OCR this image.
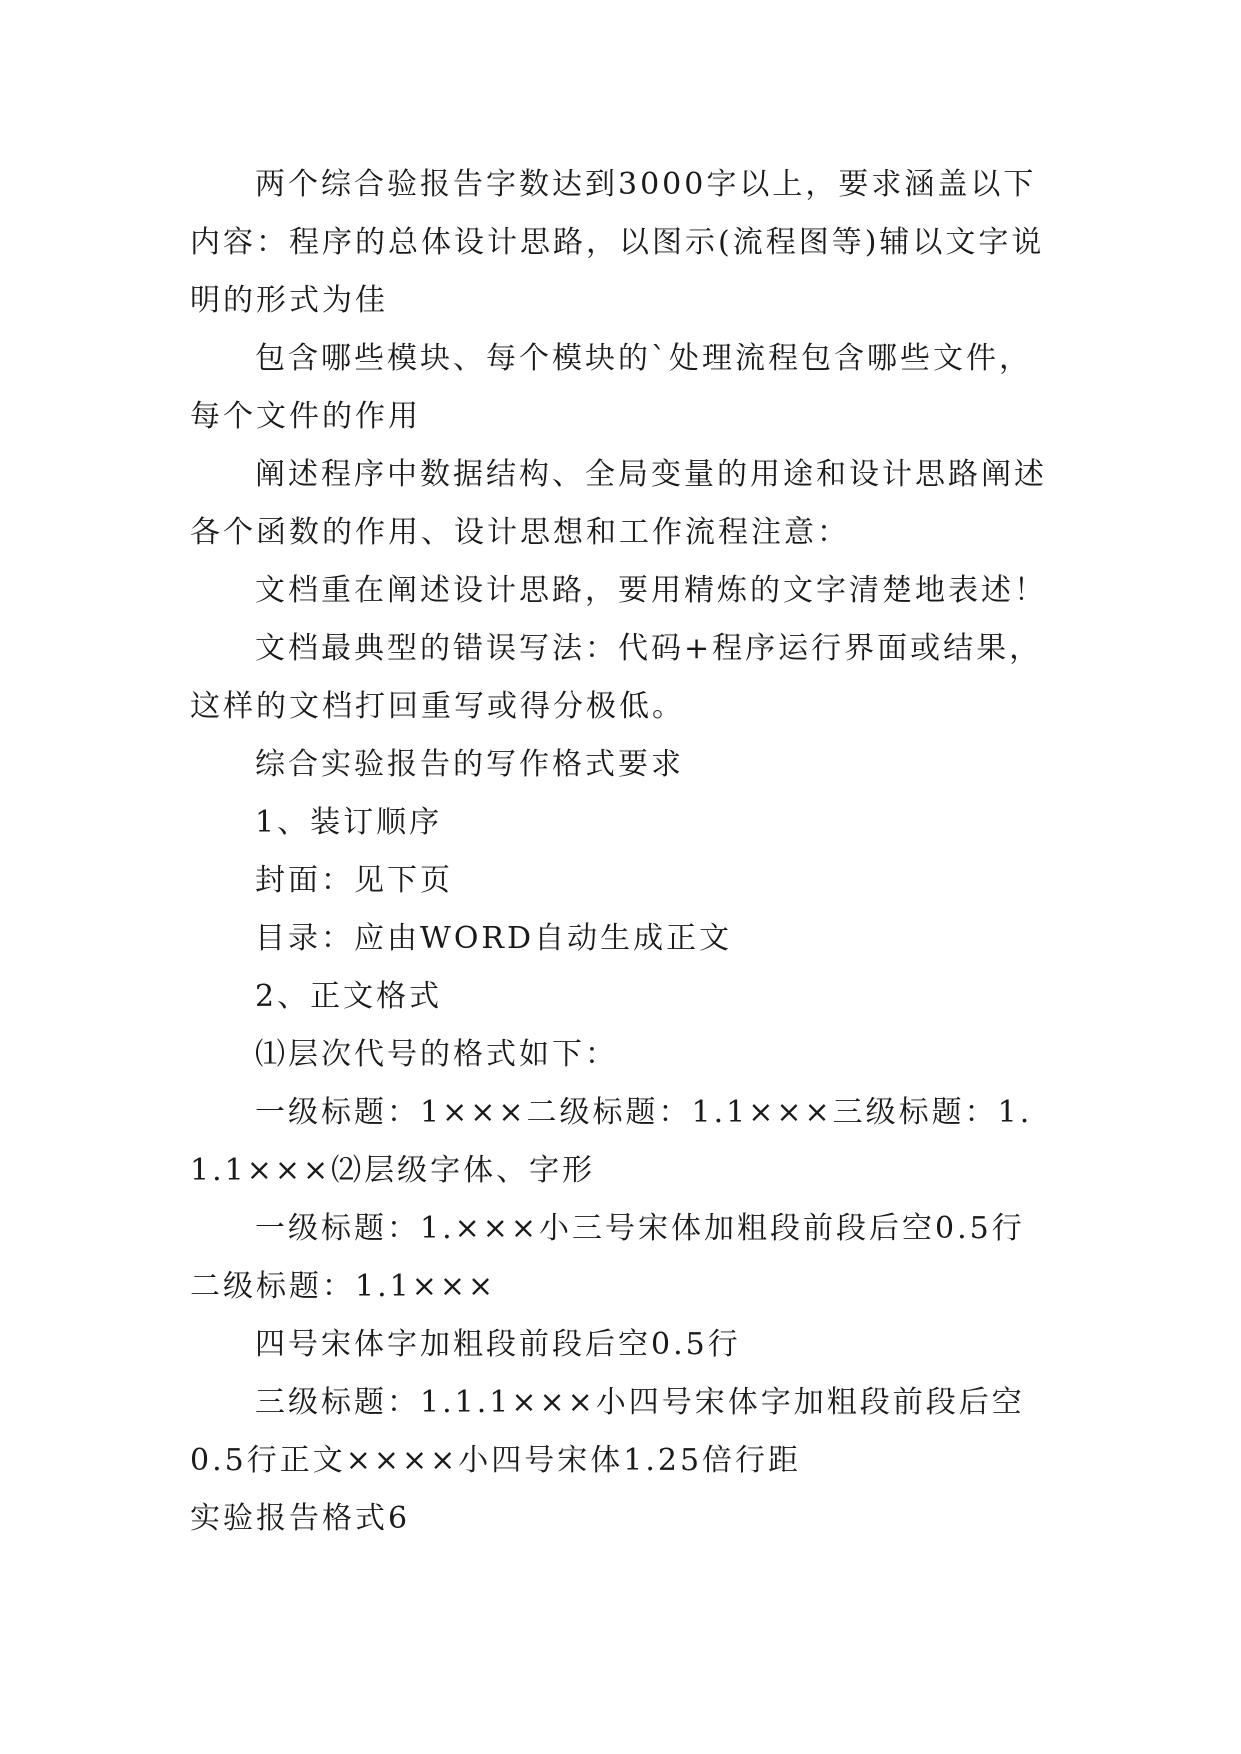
两个综合验报告字数达到3000字以上，要求涵盖以下内容：程序的总体设计思路，以图示(流程图等)辅以文字说明的形式为佳

包含哪些模块、每个模块的`处理流程包含哪些文件，每个文件的作用

阐述程序中数据结构、全局变量的用途和设计思路阐述各个函数的作用、设计思想和工作流程注意：

文档重在阐述设计思路，要用精炼的文字清楚地表述！

文档最典型的错误写法：代码+程序运行界面或结果，这样的文档打回重写或得分极低。

综合实验报告的写作格式要求

1、装订顺序

封面：见下页

目录：应由WORD自动生成正文

2、正文格式

⑴层次代号的格式如下：

一级标题：1×××二级标题：1.1×××三级标题：1.1.1×××⑵层级字体、字形

一级标题：1.×××小三号宋体加粗段前段后空0.5行二级标题：1.1×××

四号宋体字加粗段前段后空0.5行

三级标题：1.1.1×××小四号宋体字加粗段前段后空0.5行正文××××小四号宋体1.25倍行距

实验报告格式6
